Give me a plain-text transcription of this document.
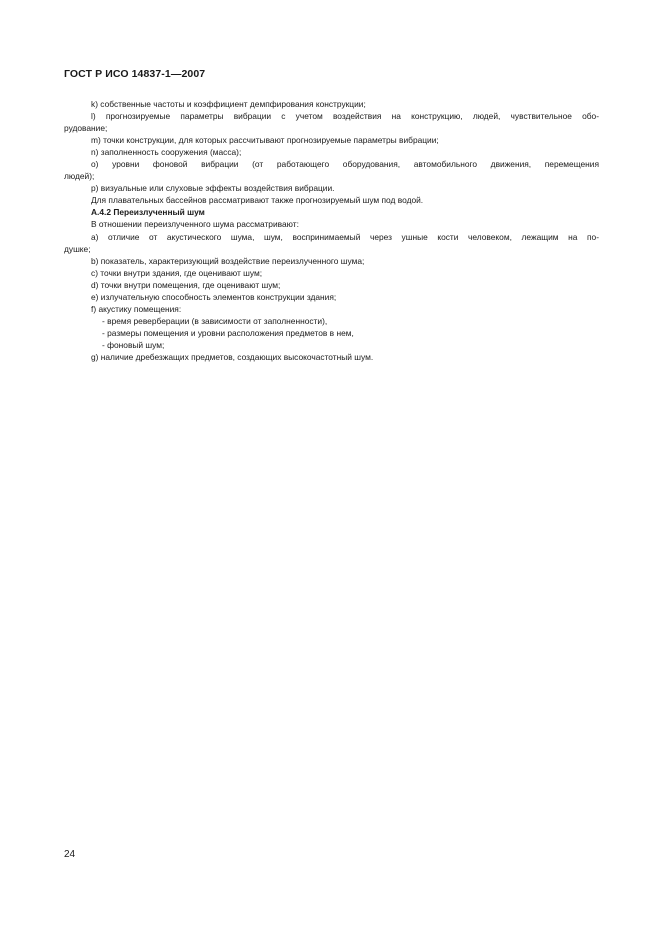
ГОСТ Р ИСО 14837-1—2007
k) собственные частоты и коэффициент демпфирования конструкции;
l) прогнозируемые параметры вибрации с учетом воздействия на конструкцию, людей, чувствительное обо-
рудование;
m) точки конструкции, для которых рассчитывают прогнозируемые параметры вибрации;
n) заполненность сооружения (масса);
о) уровни фоновой вибрации (от работающего оборудования, автомобильного движения, перемещения
людей);
р) визуальные или слуховые эффекты воздействия вибрации.
Для плавательных бассейнов рассматривают также прогнозируемый шум под водой.
А.4.2 Переизлученный шум
В отношении переизлученного шума рассматривают:
а) отличие от акустического шума, шум, воспринимаемый через ушные кости человеком, лежащим на по-
душке;
b) показатель, характеризующий воздействие переизлученного шума;
c) точки внутри здания, где оценивают шум;
d) точки внутри помещения, где оценивают шум;
е) излучательную способность элементов конструкции здания;
f) акустику помещения:
- время реверберации (в зависимости от заполненности),
- размеры помещения и уровни расположения предметов в нем,
- фоновый шум;
g) наличие дребезжащих предметов, создающих высокочастотный шум.
24
